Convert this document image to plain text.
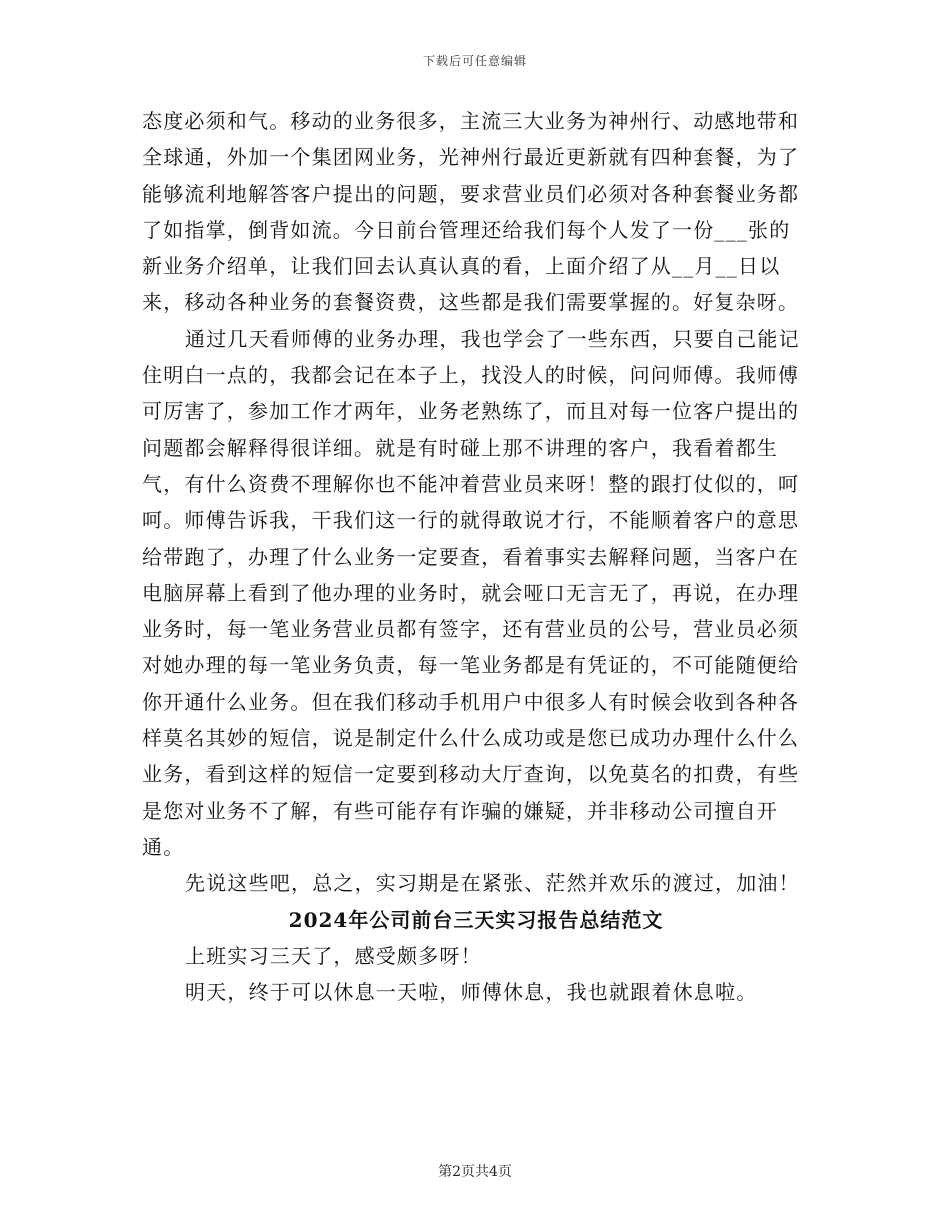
下载后可任意编辑

态度必须和气。移动的业务很多，主流三大业务为神州行、动感地带和全球通，外加一个集团网业务，光神州行最近更新就有四种套餐，为了能够流利地解答客户提出的问题，要求营业员们必须对各种套餐业务都了如指掌，倒背如流。今日前台管理还给我们每个人发了一份___张的新业务介绍单，让我们回去认真认真的看，上面介绍了从__月__日以来，移动各种业务的套餐资费，这些都是我们需要掌握的。好复杂呀。

通过几天看师傅的业务办理，我也学会了一些东西，只要自己能记住明白一点的，我都会记在本子上，找没人的时候，问问师傅。我师傅可厉害了，参加工作才两年，业务老熟练了，而且对每一位客户提出的问题都会解释得很详细。就是有时碰上那不讲理的客户，我看着都生气，有什么资费不理解你也不能冲着营业员来呀！整的跟打仗似的，呵呵。师傅告诉我，干我们这一行的就得敢说才行，不能顺着客户的意思给带跑了，办理了什么业务一定要查，看着事实去解释问题，当客户在电脑屏幕上看到了他办理的业务时，就会哑口无言无了，再说，在办理业务时，每一笔业务营业员都有签字，还有营业员的公号，营业员必须对她办理的每一笔业务负责，每一笔业务都是有凭证的，不可能随便给你开通什么业务。但在我们移动手机用户中很多人有时候会收到各种各样莫名其妙的短信，说是制定什么什么成功或是您已成功办理什么什么业务，看到这样的短信一定要到移动大厅查询，以免莫名的扣费，有些是您对业务不了解，有些可能存有诈骗的嫌疑，并非移动公司擅自开通。

先说这些吧，总之，实习期是在紧张、茫然并欢乐的渡过，加油！

2024年公司前台三天实习报告总结范文

上班实习三天了，感受颇多呀！

明天，终于可以休息一天啦，师傅休息，我也就跟着休息啦。

第2页共4页
